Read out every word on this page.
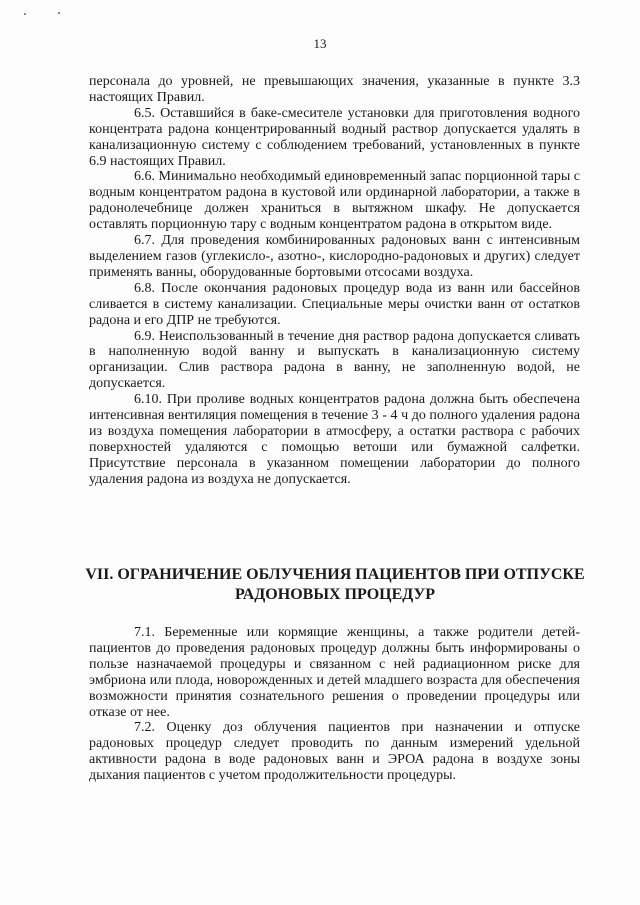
13

персонала до уровней, не превышающих значения, указанные в пункте 3.3 настоящих Правил.

6.5. Оставшийся в баке-смесителе установки для приготовления водного концентрата радона концентрированный водный раствор допускается удалять в канализационную систему с соблюдением требований, установленных в пункте 6.9 настоящих Правил.

6.6. Минимально необходимый единовременный запас порционной тары с водным концентратом радона в кустовой или ординарной лаборатории, а также в радонолечебнице должен храниться в вытяжном шкафу. Не допускается оставлять порционную тару с водным концентратом радона в открытом виде.

6.7. Для проведения комбинированных радоновых ванн с интенсивным выделением газов (углекисло-, азотно-, кислородно-радоновых и других) следует применять ванны, оборудованные бортовыми отсосами воздуха.

6.8. После окончания радоновых процедур вода из ванн или бассейнов сливается в систему канализации. Специальные меры очистки ванн от остатков радона и его ДПР не требуются.

6.9. Неиспользованный в течение дня раствор радона допускается сливать в наполненную водой ванну и выпускать в канализационную систему организации. Слив раствора радона в ванну, не заполненную водой, не допускается.

6.10. При проливе водных концентратов радона должна быть обеспечена интенсивная вентиляция помещения в течение 3 - 4 ч до полного удаления радона из воздуха помещения лаборатории в атмосферу, а остатки раствора с рабочих поверхностей удаляются с помощью ветоши или бумажной салфетки. Присутствие персонала в указанном помещении лаборатории до полного удаления радона из воздуха не допускается.

VII. ОГРАНИЧЕНИЕ ОБЛУЧЕНИЯ ПАЦИЕНТОВ ПРИ ОТПУСКЕ
РАДОНОВЫХ ПРОЦЕДУР

7.1. Беременные или кормящие женщины, а также родители детей-пациентов до проведения радоновых процедур должны быть информированы о пользе назначаемой процедуры и связанном с ней радиационном риске для эмбриона или плода, новорожденных и детей младшего возраста для обеспечения возможности принятия сознательного решения о проведении процедуры или отказе от нее.

7.2. Оценку доз облучения пациентов при назначении и отпуске радоновых процедур следует проводить по данным измерений удельной активности радона в воде радоновых ванн и ЭРОА радона в воздухе зоны дыхания пациентов с учетом продолжительности процедуры.
